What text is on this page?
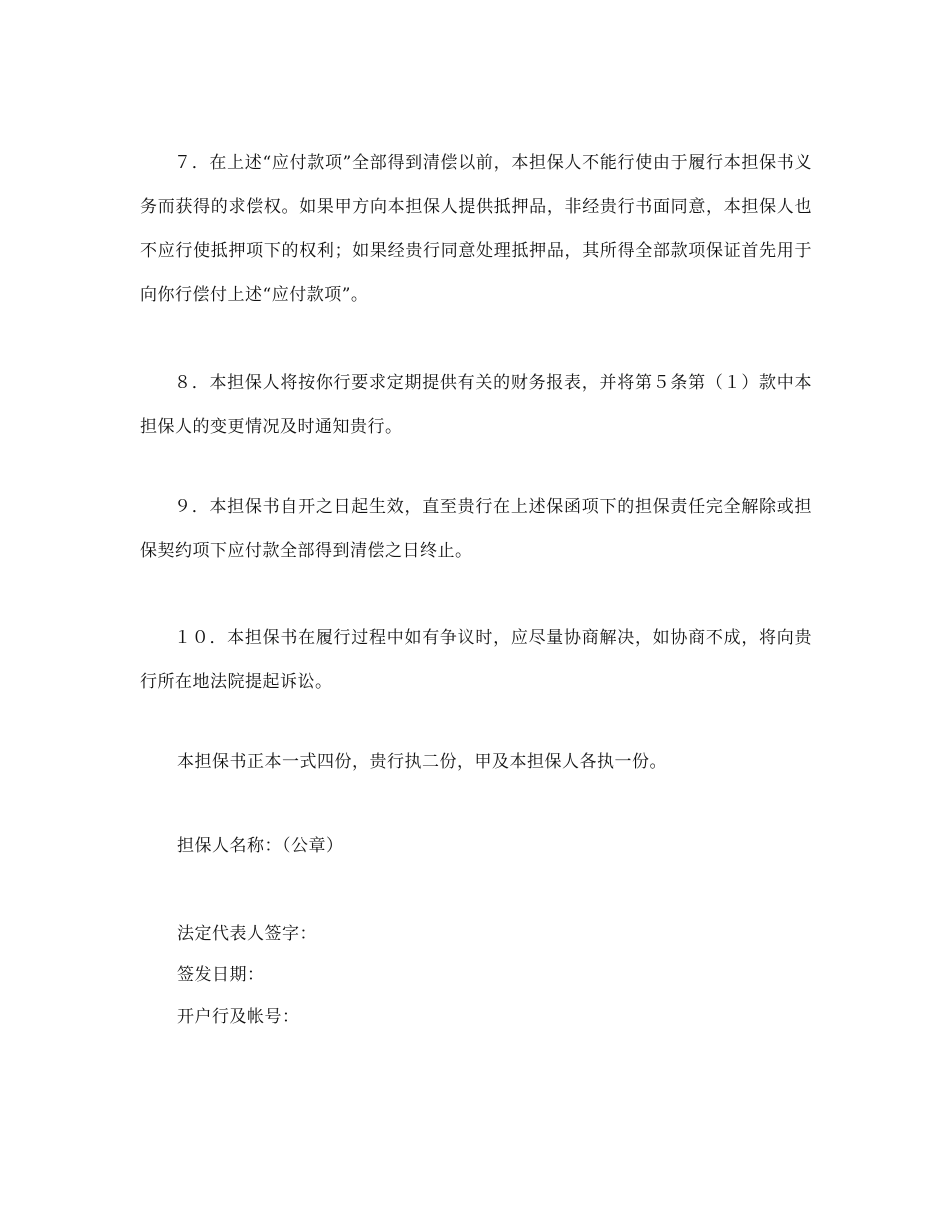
７．在上述“应付款项”全部得到清偿以前，本担保人不能行使由于履行本担保书义务而获得的求偿权。如果甲方向本担保人提供抵押品，非经贵行书面同意，本担保人也不应行使抵押项下的权利；如果经贵行同意处理抵押品，其所得全部款项保证首先用于向你行偿付上述“应付款项”。

８．本担保人将按你行要求定期提供有关的财务报表，并将第５条第（１）款中本担保人的变更情况及时通知贵行。

９．本担保书自开之日起生效，直至贵行在上述保函项下的担保责任完全解除或担保契约项下应付款全部得到清偿之日终止。

１０．本担保书在履行过程中如有争议时，应尽量协商解决，如协商不成，将向贵行所在地法院提起诉讼。

本担保书正本一式四份，贵行执二份，甲及本担保人各执一份。

担保人名称：（公章）

法定代表人签字：

签发日期：

开户行及帐号：
